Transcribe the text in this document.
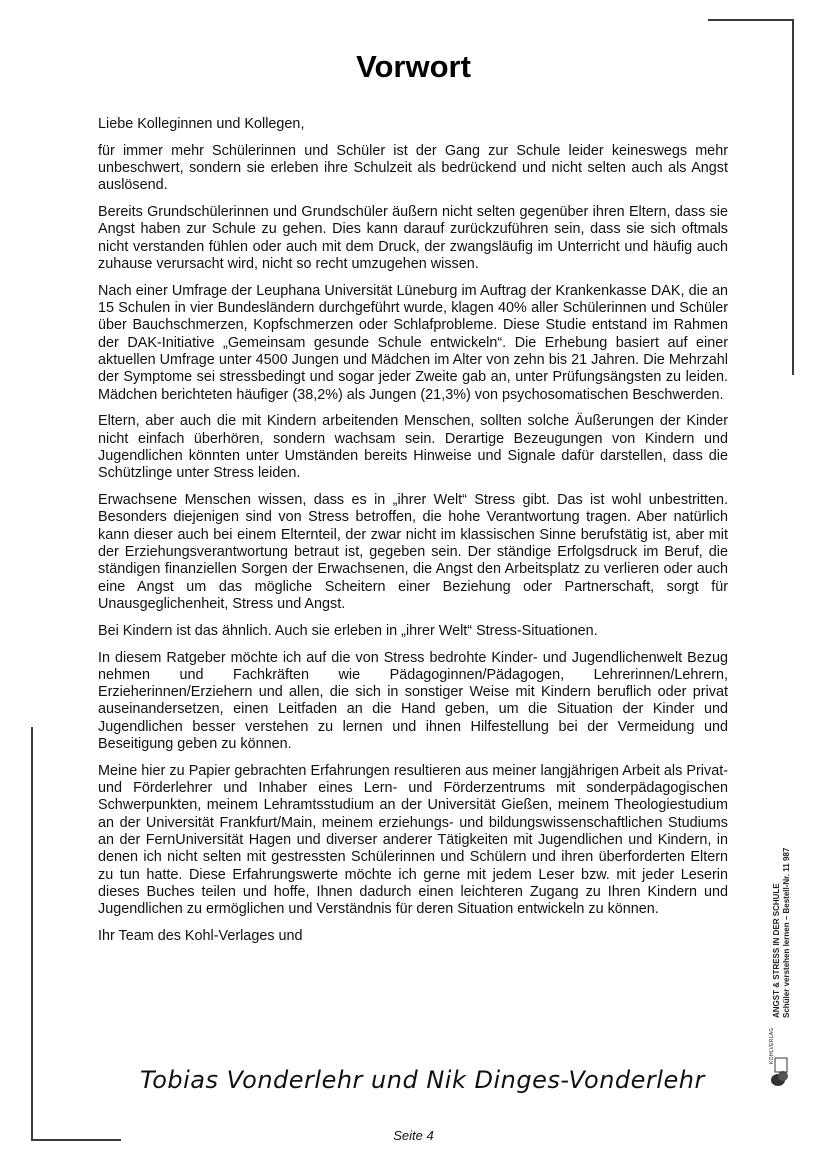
Vorwort

Liebe Kolleginnen und Kollegen,

für immer mehr Schülerinnen und Schüler ist der Gang zur Schule leider keineswegs mehr unbeschwert, sondern sie erleben ihre Schulzeit als bedrückend und nicht selten auch als Angst auslösend.

Bereits Grundschülerinnen und Grundschüler äußern nicht selten gegenüber ihren Eltern, dass sie Angst haben zur Schule zu gehen. Dies kann darauf zurückzuführen sein, dass sie sich oftmals nicht verstanden fühlen oder auch mit dem Druck, der zwangsläufig im Unterricht und häufig auch zuhause verursacht wird, nicht so recht umzugehen wissen.

Nach einer Umfrage der Leuphana Universität Lüneburg im Auftrag der Krankenkasse DAK, die an 15 Schulen in vier Bundesländern durchgeführt wurde, klagen 40% aller Schülerinnen und Schüler über Bauchschmerzen, Kopfschmerzen oder Schlafprobleme. Diese Studie entstand im Rahmen der DAK-Initiative „Gemeinsam gesunde Schule entwickeln“. Die Erhebung basiert auf einer aktuellen Umfrage unter 4500 Jungen und Mädchen im Alter von zehn bis 21 Jahren. Die Mehrzahl der Symptome sei stressbedingt und sogar jeder Zweite gab an, unter Prüfungsängsten zu leiden. Mädchen berichteten häufiger (38,2%) als Jungen (21,3%) von psychosomatischen Beschwerden.

Eltern, aber auch die mit Kindern arbeitenden Menschen, sollten solche Äußerungen der Kinder nicht einfach überhören, sondern wachsam sein. Derartige Bezeugungen von Kindern und Jugendlichen könnten unter Umständen bereits Hinweise und Signale dafür darstellen, dass die Schützlinge unter Stress leiden.

Erwachsene Menschen wissen, dass es in „ihrer Welt“ Stress gibt. Das ist wohl unbestritten. Besonders diejenigen sind von Stress betroffen, die hohe Verantwortung tragen. Aber natürlich kann dieser auch bei einem Elternteil, der zwar nicht im klassischen Sinne berufstätig ist, aber mit der Erziehungsverantwortung betraut ist, gegeben sein. Der ständige Erfolgsdruck im Beruf, die ständigen finanziellen Sorgen der Erwachsenen, die Angst den Arbeitsplatz zu verlieren oder auch eine Angst um das mögliche Scheitern einer Beziehung oder Partnerschaft, sorgt für Unausgeglichenheit, Stress und Angst.

Bei Kindern ist das ähnlich. Auch sie erleben in „ihrer Welt“ Stress-Situationen.

In diesem Ratgeber möchte ich auf die von Stress bedrohte Kinder- und Jugendlichenwelt Bezug nehmen und Fachkräften wie Pädagoginnen/Pädagogen, Lehrerinnen/Lehrern, Erzieherinnen/Erziehern und allen, die sich in sonstiger Weise mit Kindern beruflich oder privat auseinandersetzen, einen Leitfaden an die Hand geben, um die Situation der Kinder und Jugendlichen besser verstehen zu lernen und ihnen Hilfestellung bei der Vermeidung und Beseitigung geben zu können.

Meine hier zu Papier gebrachten Erfahrungen resultieren aus meiner langjährigen Arbeit als Privat- und Förderlehrer und Inhaber eines Lern- und Förderzentrums mit sonderpädagogischen Schwerpunkten, meinem Lehramtsstudium an der Universität Gießen, meinem Theologiestudium an der Universität Frankfurt/Main, meinem erziehungs- und bildungswissenschaftlichen Studiums an der FernUniversität Hagen und diverser anderer Tätigkeiten mit Jugendlichen und Kindern, in denen ich nicht selten mit gestressten Schülerinnen und Schülern und ihren überforderten Eltern zu tun hatte. Diese Erfahrungswerte möchte ich gerne mit jedem Leser bzw. mit jeder Leserin dieses Buches teilen und hoffe, Ihnen dadurch einen leichteren Zugang zu Ihren Kindern und Jugendlichen zu ermöglichen und Verständnis für deren Situation entwickeln zu können.

Ihr Team des Kohl-Verlages und

Tobias Vonderlehr und Nik Dinges-Vonderlehr
Seite 4
ANGST & STRESS IN DER SCHULE Schüler verstehen lernen – Bestell-Nr. 11 987
KOHLVERLAG
